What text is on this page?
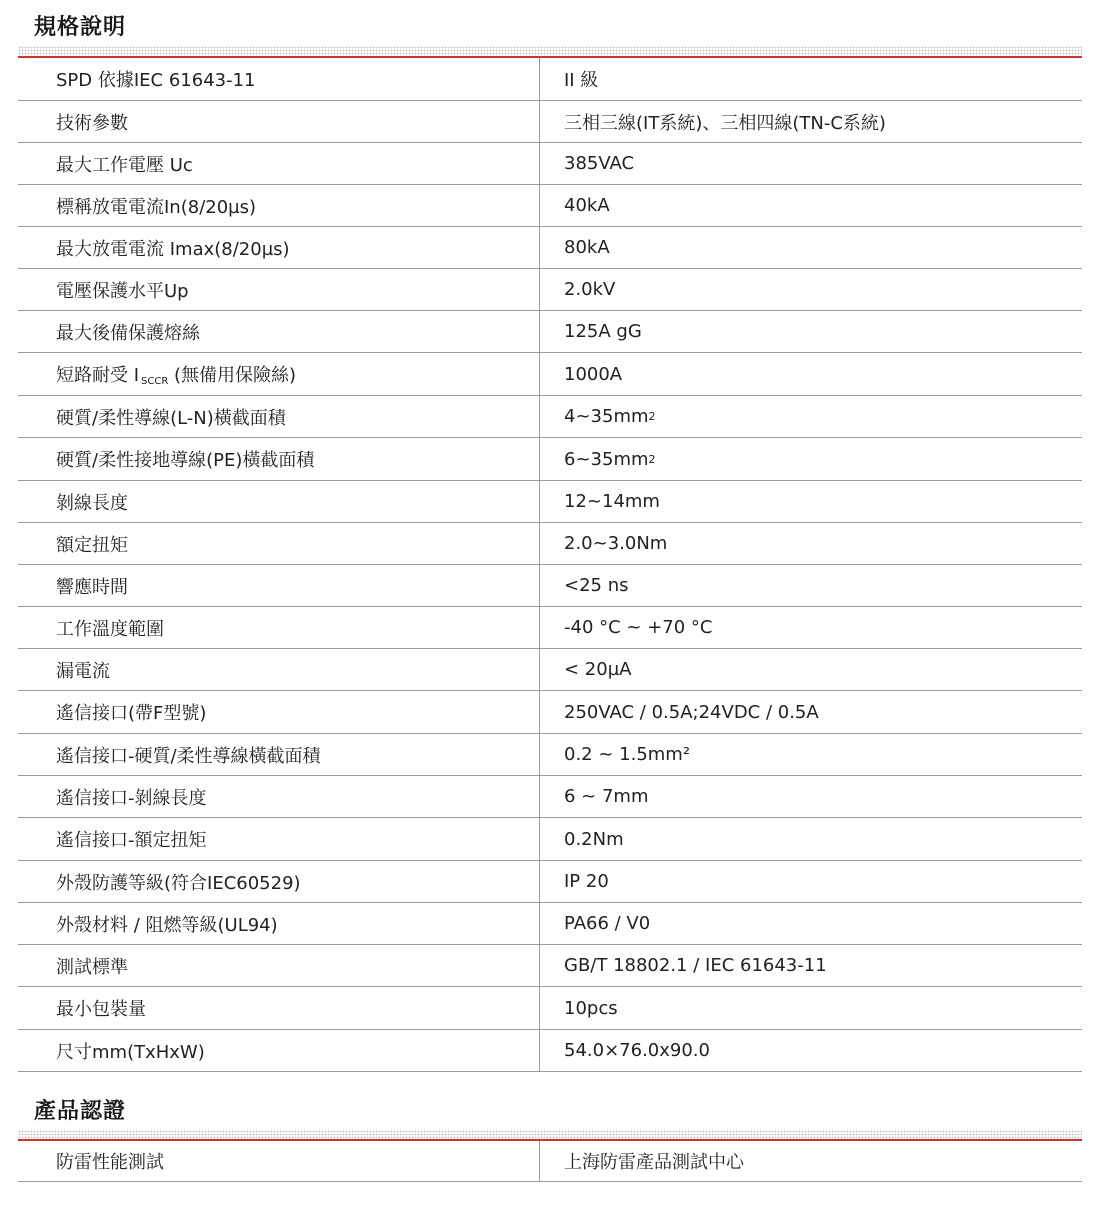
規格說明
SPD 依據IEC 61643-11	II 級
技術參數	三相三線(IT系統)、三相四線(TN-C系統)
最大工作電壓 Uc	385VAC
標稱放電電流In(8/20µs)	40kA
最大放電電流 Imax(8/20µs)	80kA
電壓保護水平Up	2.0kV
最大後備保護熔絲	125A gG
短路耐受 I SCCR (無備用保險絲)	1000A
硬質/柔性導線(L-N)橫截面積	4~35mm 2
硬質/柔性接地導線(PE)橫截面積	6~35mm 2
剝線長度	12~14mm
額定扭矩	2.0~3.0Nm
響應時間	<25 ns
工作溫度範圍	-40 °C ~ +70 °C
漏電流	< 20µA
遙信接口(帶F型號)	250VAC / 0.5A;24VDC / 0.5A
遙信接口-硬質/柔性導線橫截面積	0.2 ~ 1.5mm²
遙信接口-剝線長度	6 ~ 7mm
遙信接口-額定扭矩	0.2Nm
外殼防護等級(符合IEC60529)	IP 20
外殼材料 / 阻燃等級(UL94)	PA66 / V0
測試標準	GB/T 18802.1 / IEC 61643-11
最小包裝量	10pcs
尺寸mm(TxHxW)	54.0×76.0x90.0
產品認證
防雷性能測試	上海防雷產品測試中心
